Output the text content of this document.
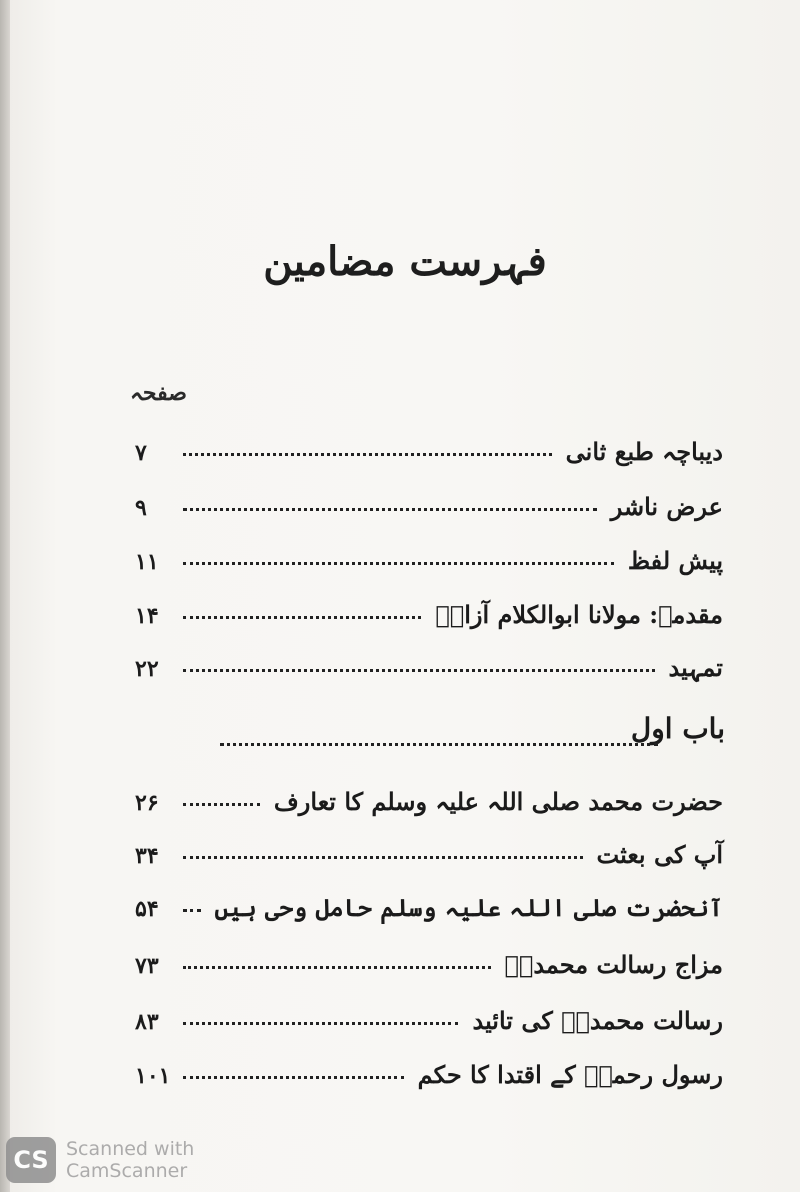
فہرست مضامین
صفحہ
دیباچہ طبع ثانی
۷
عرض ناشر
۹
پیش لفظ
۱۱
مقدمہ: مولانا ابوالکلام آزادؒ
۱۴
تمہید
۲۲
باب اول
حضرت محمد صلی اللہ علیہ وسلم کا تعارف
۲۶
آپ کی بعثت
۳۴
آنحضرت صلی اللہ علیہ وسلم حامل وحی ہیں
۵۴
مزاج رسالت محمدیؐ
۷۳
رسالت محمدیؐ کی تائید
۸۳
رسول رحمتؐ کے اقتدا کا حکم
۱۰۱
CS Scanned with
CamScanner
